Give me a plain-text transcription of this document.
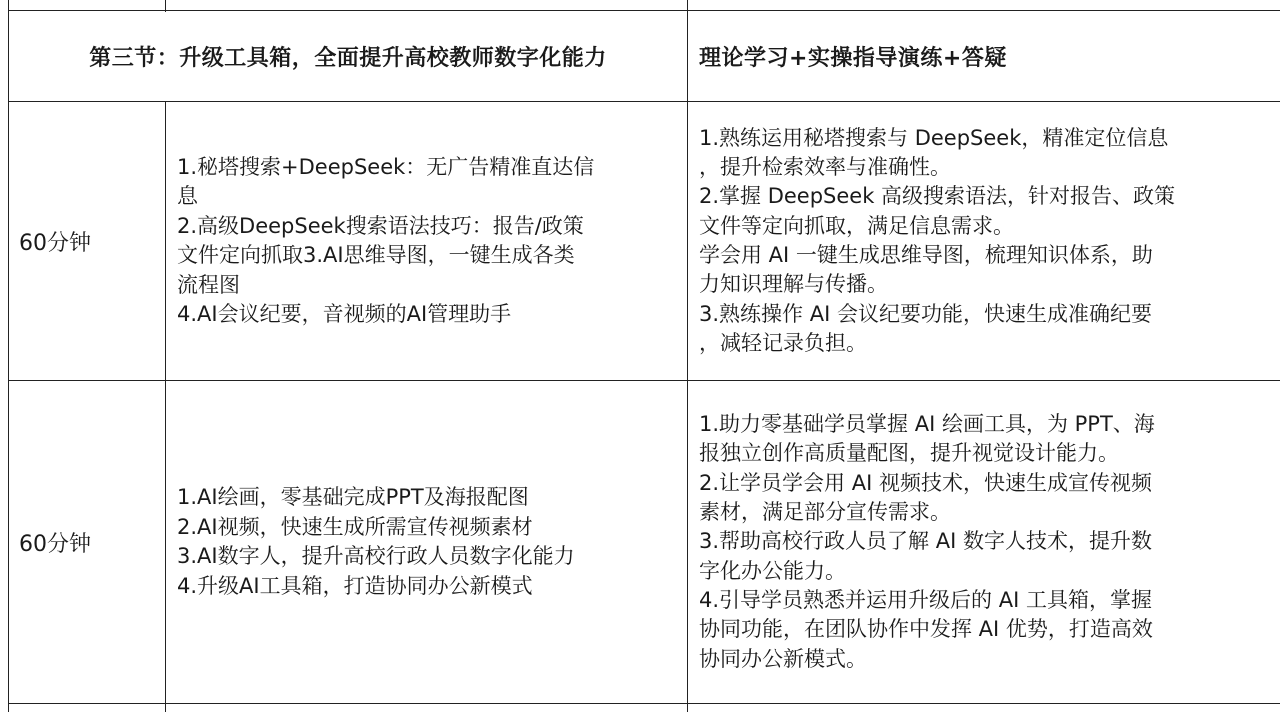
第三节：升级工具箱，全面提升高校教师数字化能力	理论学习+实操指导演练+答疑
60分钟
1.秘塔搜索+DeepSeek：无广告精准直达信
息
2.高级DeepSeek搜索语法技巧：报告/政策
文件定向抓取3.AI思维导图，一键生成各类
流程图
4.AI会议纪要，音视频的AI管理助手
1.熟练运用秘塔搜索与 DeepSeek，精准定位信息
，提升检索效率与准确性。
2.掌握 DeepSeek 高级搜索语法，针对报告、政策
文件等定向抓取，满足信息需求。
学会用 AI 一键生成思维导图，梳理知识体系，助
力知识理解与传播。
3.熟练操作 AI 会议纪要功能，快速生成准确纪要
，减轻记录负担。
60分钟
1.AI绘画，零基础完成PPT及海报配图
2.AI视频，快速生成所需宣传视频素材
3.AI数字人，提升高校行政人员数字化能力
4.升级AI工具箱，打造协同办公新模式
1.助力零基础学员掌握 AI 绘画工具，为 PPT、海
报独立创作高质量配图，提升视觉设计能力。
2.让学员学会用 AI 视频技术，快速生成宣传视频
素材，满足部分宣传需求。
3.帮助高校行政人员了解 AI 数字人技术，提升数
字化办公能力。
4.引导学员熟悉并运用升级后的 AI 工具箱，掌握
协同功能，在团队协作中发挥 AI 优势，打造高效
协同办公新模式。
